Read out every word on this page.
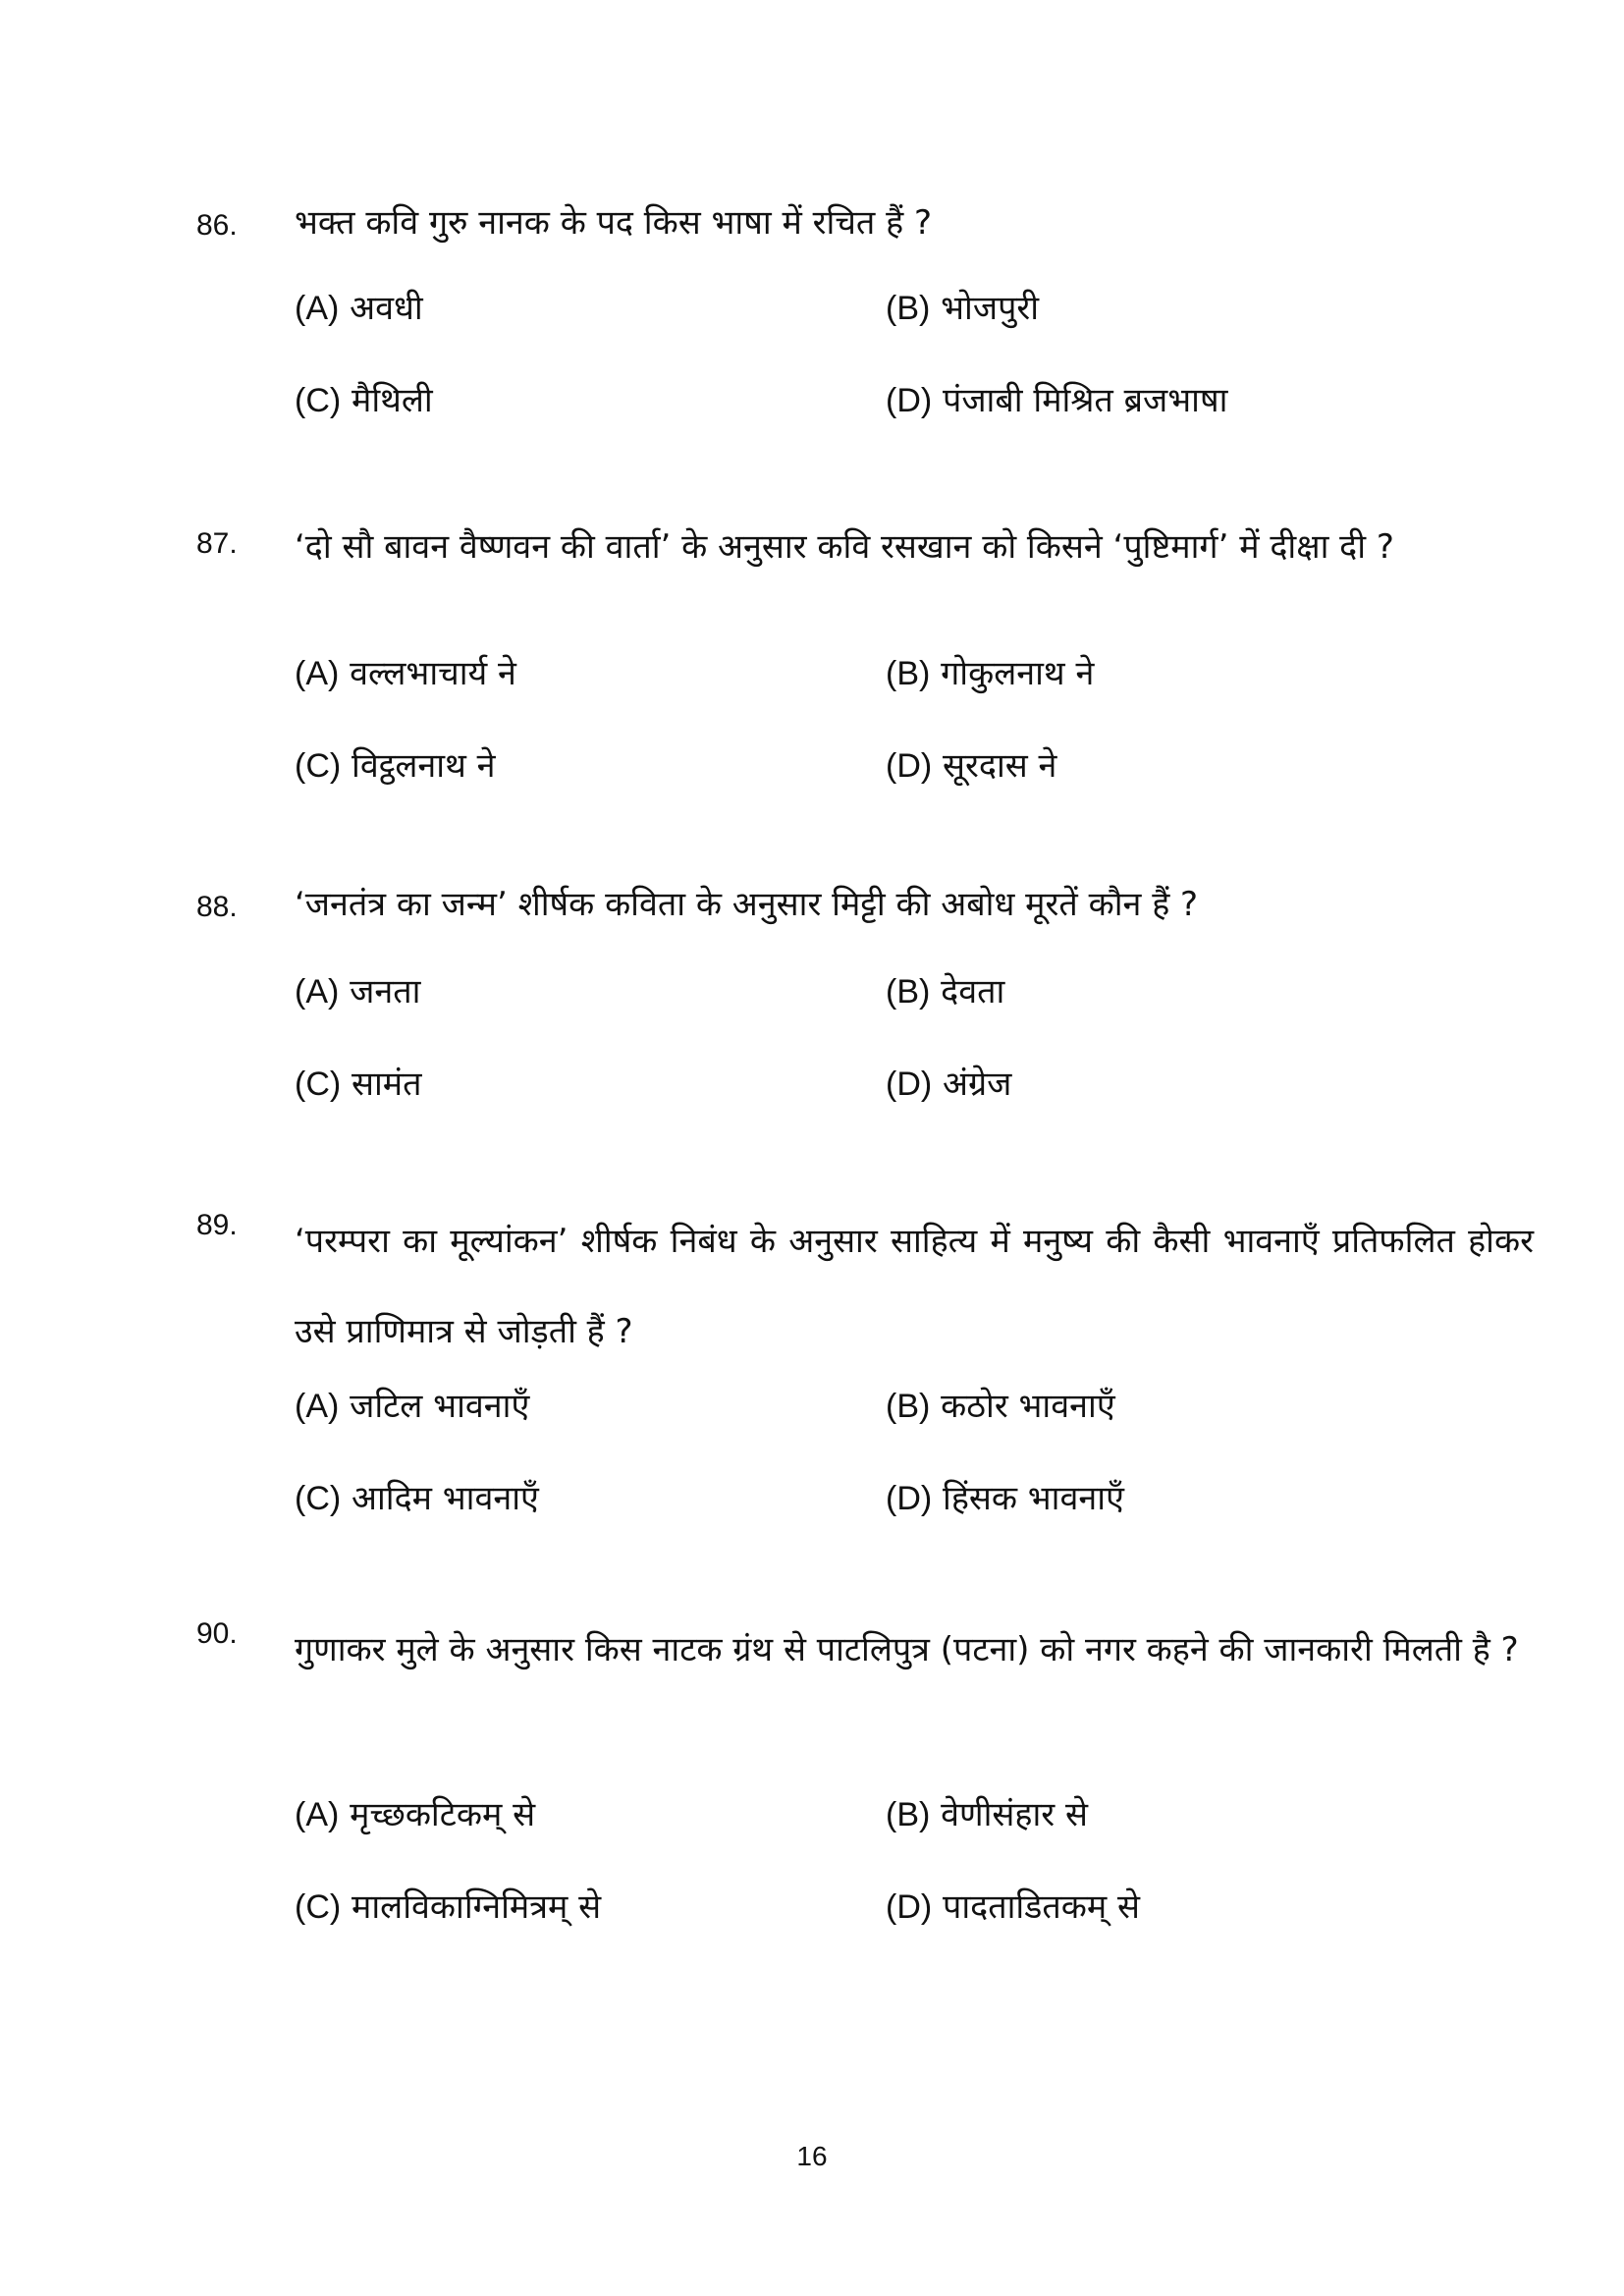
86.	भक्त कवि गुरु नानक के पद किस भाषा में रचित हैं ?
(A) अवधी	(B) भोजपुरी
(C) मैथिली	(D) पंजाबी मिश्रित ब्रजभाषा
87.	‘दो सौ बावन वैष्णवन की वार्ता’ के अनुसार कवि रसखान को किसने ‘पुष्टिमार्ग’ में दीक्षा दी ?
(A) वल्लभाचार्य ने	(B) गोकुलनाथ ने
(C) विट्ठलनाथ ने	(D) सूरदास ने
88.	‘जनतंत्र का जन्म’ शीर्षक कविता के अनुसार मिट्टी की अबोध मूरतें कौन हैं ?
(A) जनता	(B) देवता
(C) सामंत	(D) अंग्रेज
89.	‘परम्परा का मूल्यांकन’ शीर्षक निबंध के अनुसार साहित्य में मनुष्य की कैसी भावनाएँ प्रतिफलित होकर उसे प्राणिमात्र से जोड़ती हैं ?
(A) जटिल भावनाएँ	(B) कठोर भावनाएँ
(C) आदिम भावनाएँ	(D) हिंसक भावनाएँ
90.	गुणाकर मुले के अनुसार किस नाटक ग्रंथ से पाटलिपुत्र (पटना) को नगर कहने की जानकारी मिलती है ?
(A) मृच्छकटिकम् से	(B) वेणीसंहार से
(C) मालविकाग्निमित्रम् से	(D) पादताडितकम् से
16
